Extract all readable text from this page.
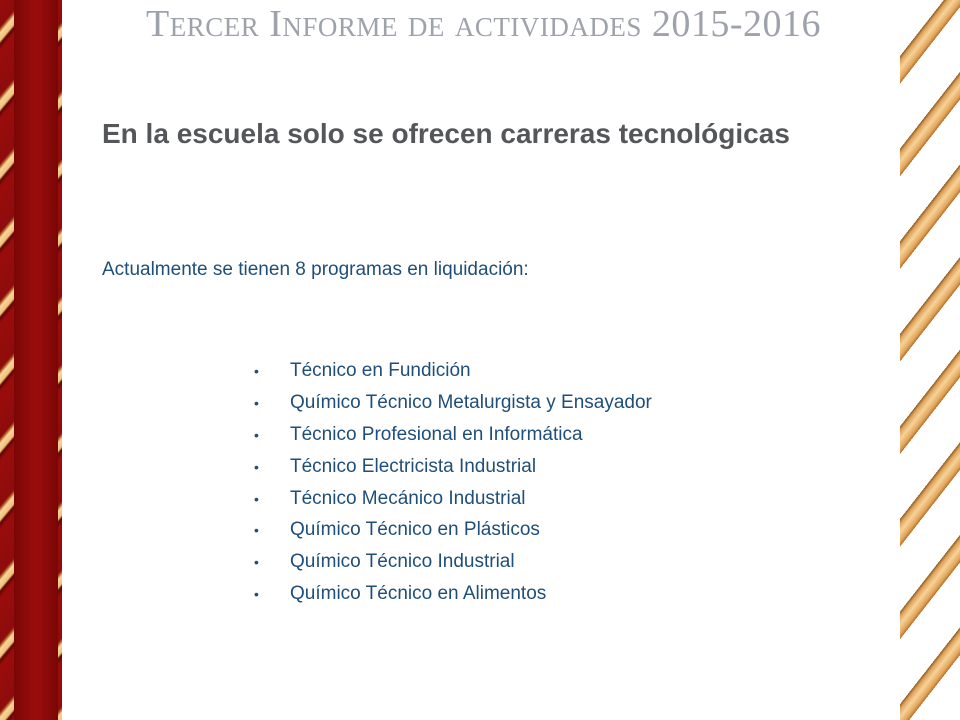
Tercer Informe de actividades 2015-2016
En la escuela solo se ofrecen carreras tecnológicas
Actualmente se tienen 8 programas en liquidación:
• Técnico en Fundición
• Químico Técnico Metalurgista y Ensayador
• Técnico Profesional en Informática
• Técnico Electricista Industrial
• Técnico Mecánico Industrial
• Químico Técnico en Plásticos
• Químico Técnico Industrial
• Químico Técnico en Alimentos
